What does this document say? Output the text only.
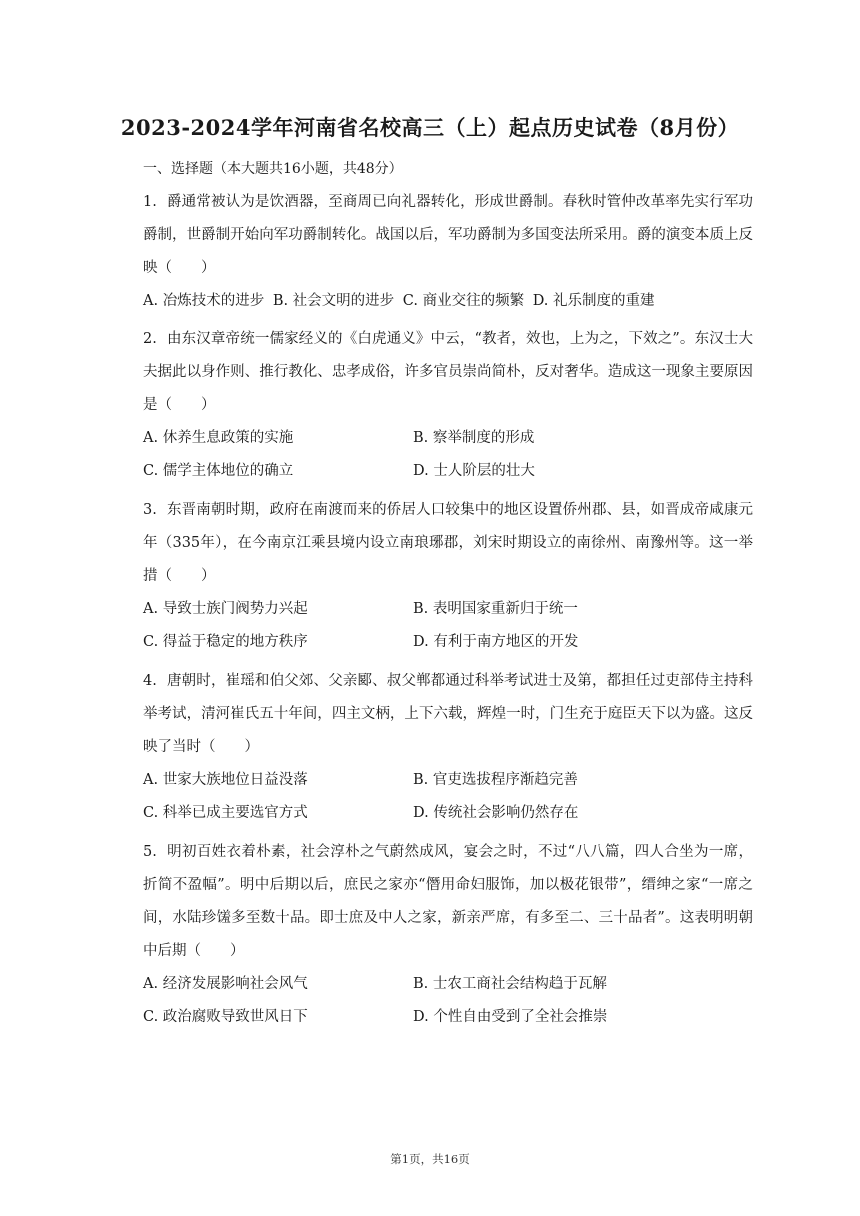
2023-2024学年河南省名校高三（上）起点历史试卷（8月份）
一、选择题（本大题共16小题，共48分）

1. 爵通常被认为是饮酒器，至商周已向礼器转化，形成世爵制。春秋时管仲改革率先实行军功爵制，世爵制开始向军功爵制转化。战国以后，军功爵制为多国变法所采用。爵的演变本质上反映（　　）

A. 冶炼技术的进步 B. 社会文明的进步 C. 商业交往的频繁 D. 礼乐制度的重建

2. 由东汉章帝统一儒家经义的《白虎通义》中云，“教者，效也，上为之，下效之”。东汉士大夫据此以身作则、推行教化、忠孝成俗，许多官员崇尚简朴，反对奢华。造成这一现象主要原因是（　　）

A. 休养生息政策的实施	B. 察举制度的形成
C. 儒学主体地位的确立	D. 士人阶层的壮大

3. 东晋南朝时期，政府在南渡而来的侨居人口较集中的地区设置侨州郡、县，如晋成帝咸康元年（335年），在今南京江乘县境内设立南琅琊郡，刘宋时期设立的南徐州、南豫州等。这一举措（　　）

A. 导致士族门阀势力兴起	B. 表明国家重新归于统一
C. 得益于稳定的地方秩序	D. 有利于南方地区的开发

4. 唐朝时，崔瑶和伯父郊、父亲郾、叔父郸都通过科举考试进士及第，都担任过吏部侍主持科举考试，清河崔氏五十年间，四主文柄，上下六载，辉煌一时，门生充于庭臣天下以为盛。这反映了当时（　　）

A. 世家大族地位日益没落	B. 官吏选拔程序渐趋完善
C. 科举已成主要选官方式	D. 传统社会影响仍然存在

5. 明初百姓衣着朴素，社会淳朴之气蔚然成风，宴会之时，不过“八八篇，四人合坐为一席，折简不盈幅”。明中后期以后，庶民之家亦“僭用命妇服饰，加以极花银带”，缙绅之家“一席之间，水陆珍馐多至数十品。即士庶及中人之家，新亲严席，有多至二、三十品者”。这表明明朝中后期（　　）

A. 经济发展影响社会风气	B. 士农工商社会结构趋于瓦解
C. 政治腐败导致世风日下	D. 个性自由受到了全社会推崇
第1页，共16页
